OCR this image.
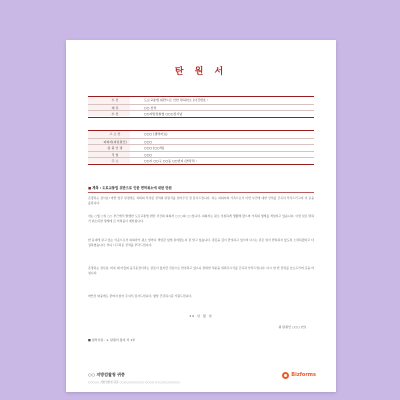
탄 원 서
수 신	도로교통법 위반으로 인한 면허취소 (사건번호 :
제 목	○○ 선처
수 신	○○지방검찰청 ○○○검사님
고 소 인	○○○ (생략자료)
피의자(피탄원인)	○○○
탄 원 인 명	○○○ (○○세)
직 업	○○○
주 소	○○시 ○○구 ○○동 ○○번지 (연락처 :
■ 제목 : 도로교통법 위반으로 인한 면허취소에 대한 탄원
존경하는 검사님! 바쁜 업무 일정에도 저희의 작성된 선처의 탄원서를 읽어주신 점 감사드립니다. 저는 피의자의 가족으로서 이번 사건에 대한 선처를 간곡히 부탁드리고자 이 글을 올립니다.
저는 ○월 ○일 ○○ 부근에서 발생한 도로교통법 위반 사건의 피의자 ○○○의 ○○입니다. 피의자는 평소 성실하게 생활해 왔으며 가족의 생계를 책임지고 있습니다. 이번 일로 면허가 취소되면 생계에 큰 어려움이 예상됩니다.
한 동네에 살고 있는 이웃으로서 피의자가 평소 얼마나 책임감 있게 살아왔는지 잘 알고 있습니다. 잘못을 깊이 반성하고 있으며 다시는 같은 일이 반복되지 않도록 노력하겠다고 다짐하였습니다. 부디 너그러운 선처를 부탁드립니다.
존경하는 검사님, 비록 제 아들의 음주운전이라는 잘못이 있지만 진심으로 반성하고 있으니 관대한 처분을 내려주시기를 간곡히 부탁드립니다. 다시 한 번 선처를 호소드리며 글을 마칩니다.
바쁘신 와중에도 끝까지 읽어 주셔서 감사드립니다. 항상 건강하시길 기원드립니다.
20 년 월 일
위 탄원인 ○○○ (인)
■ 첨부서류 : 1. 탄원서 통지 서 1부
○○ 지방검찰청 귀중
○○○○○ 지방검찰청 귀중 ○○○○○○○○○○○ ○○○○ ○○○○○○○○○○○
Bizforms
